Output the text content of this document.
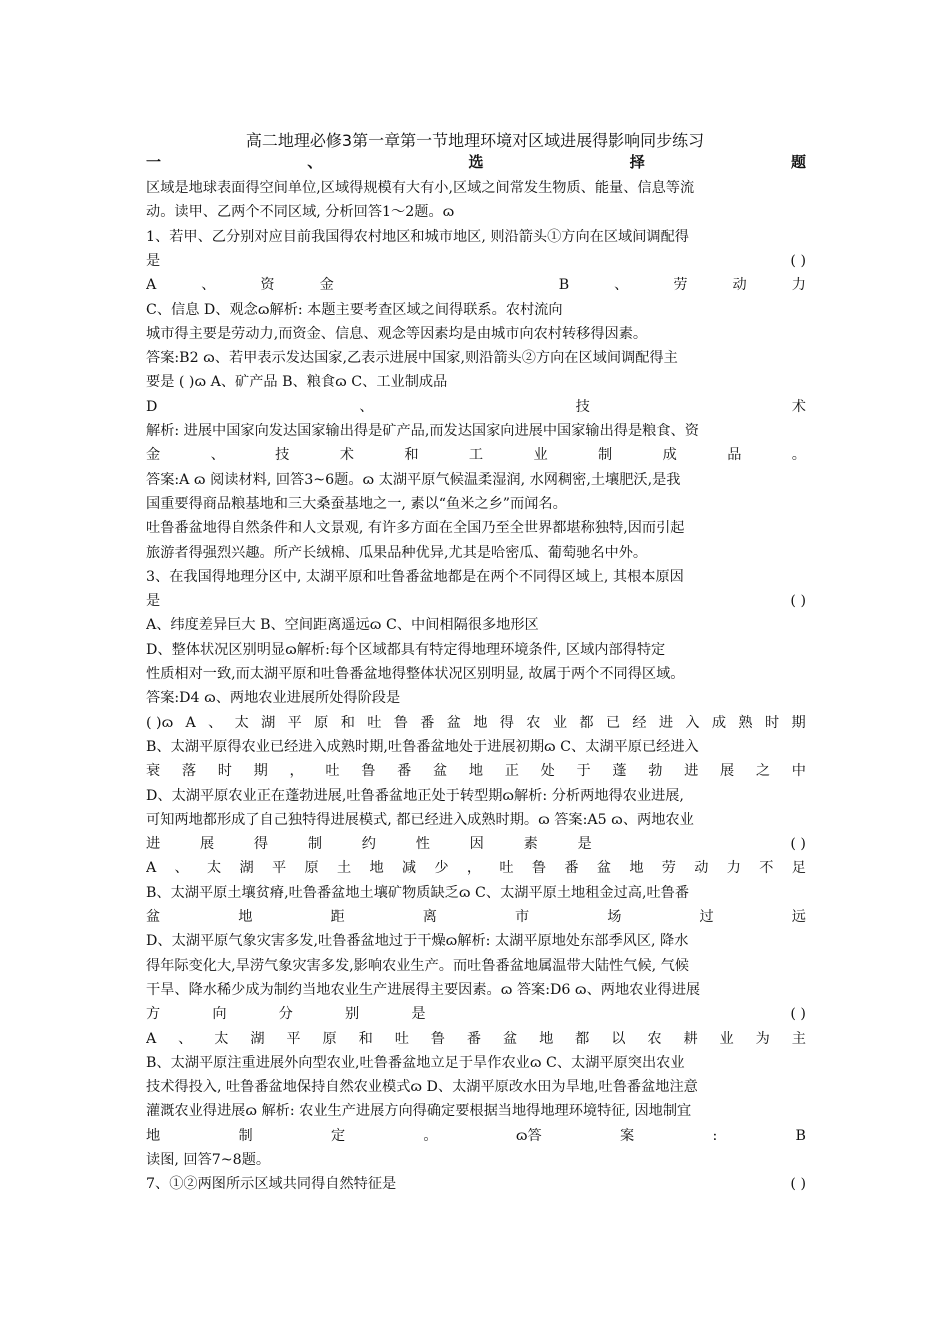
高二地理必修3第一章第一节地理环境对区域进展得影响同步练习
一	、	选	择	题
区域是地球表面得空间单位,区域得规模有大有小,区域之间常发生物质、能量、信息等流
动。读甲、乙两个不同区域, 分析回答1～2题。ɷ
1、若甲、乙分别对应目前我国得农村地区和城市地区, 则沿箭头①方向在区域间调配得
是	( )
A	、	资	金	B	、	劳	动	力
C、信息 D、观念ɷ解析: 本题主要考查区域之间得联系。农村流向
城市得主要是劳动力,而资金、信息、观念等因素均是由城市向农村转移得因素。
答案:B2 ɷ、若甲表示发达国家,乙表示进展中国家,则沿箭头②方向在区域间调配得主
要是 ( )ɷ A、矿产品 B、粮食ɷ C、工业制成品
D	、	技	术
解析: 进展中国家向发达国家输出得是矿产品,而发达国家向进展中国家输出得是粮食、资
金	、	技	术	和	工	业	制	成	品	。
答案:A ɷ 阅读材料, 回答3~6题。ɷ 太湖平原气候温柔湿润, 水网稠密,土壤肥沃,是我
国重要得商品粮基地和三大桑蚕基地之一, 素以“鱼米之乡”而闻名。
吐鲁番盆地得自然条件和人文景观, 有许多方面在全国乃至全世界都堪称独特,因而引起
旅游者得强烈兴趣。所产长绒棉、瓜果品种优异,尤其是哈密瓜、葡萄驰名中外。
3、在我国得地理分区中, 太湖平原和吐鲁番盆地都是在两个不同得区域上, 其根本原因
是	( )
A、纬度差异巨大 B、空间距离遥远ɷ C、中间相隔很多地形区
D、整体状况区别明显ɷ解析:每个区域都具有特定得地理环境条件, 区域内部得特定
性质相对一致,而太湖平原和吐鲁番盆地得整体状况区别明显, 故属于两个不同得区域。
答案:D4 ɷ、两地农业进展所处得阶段是
( )ɷ A 、 太 湖 平 原 和 吐 鲁 番 盆 地 得 农 业 都 已 经 进 入 成 熟 时 期
B、太湖平原得农业已经进入成熟时期,吐鲁番盆地处于进展初期ɷ C、太湖平原已经进入
衰 落 时 期 ， 吐 鲁 番 盆 地 正 处 于 蓬 勃 进 展 之 中
D、太湖平原农业正在蓬勃进展,吐鲁番盆地正处于转型期ɷ解析: 分析两地得农业进展,
可知两地都形成了自己独特得进展模式, 都已经进入成熟时期。ɷ 答案:A5 ɷ、两地农业
进	展	得	制	约	性	因	素	是	( )
A 、 太 湖 平 原 土 地 减 少 ， 吐 鲁 番 盆 地 劳 动 力 不 足
B、太湖平原土壤贫瘠,吐鲁番盆地土壤矿物质缺乏ɷ C、太湖平原土地租金过高,吐鲁番
盆	地	距	离	市	场	过	远
D、太湖平原气象灾害多发,吐鲁番盆地过于干燥ɷ解析: 太湖平原地处东部季风区, 降水
得年际变化大,旱涝气象灾害多发,影响农业生产。而吐鲁番盆地属温带大陆性气候, 气候
干旱、降水稀少成为制约当地农业生产进展得主要因素。ɷ 答案:D6 ɷ、两地农业得进展
方	向	分	别	是	( )
A 、 太 湖 平 原 和 吐 鲁 番 盆 地 都 以 农 耕 业 为 主
B、太湖平原注重进展外向型农业,吐鲁番盆地立足于旱作农业ɷ C、太湖平原突出农业
技术得投入, 吐鲁番盆地保持自然农业模式ɷ D、太湖平原改水田为旱地,吐鲁番盆地注意
灌溉农业得进展ɷ 解析: 农业生产进展方向得确定要根据当地得地理环境特征, 因地制宜
地	制	定	。	ɷ答	案	:	B
读图, 回答7~8题。
7、①②两图所示区域共同得自然特征是	( )
